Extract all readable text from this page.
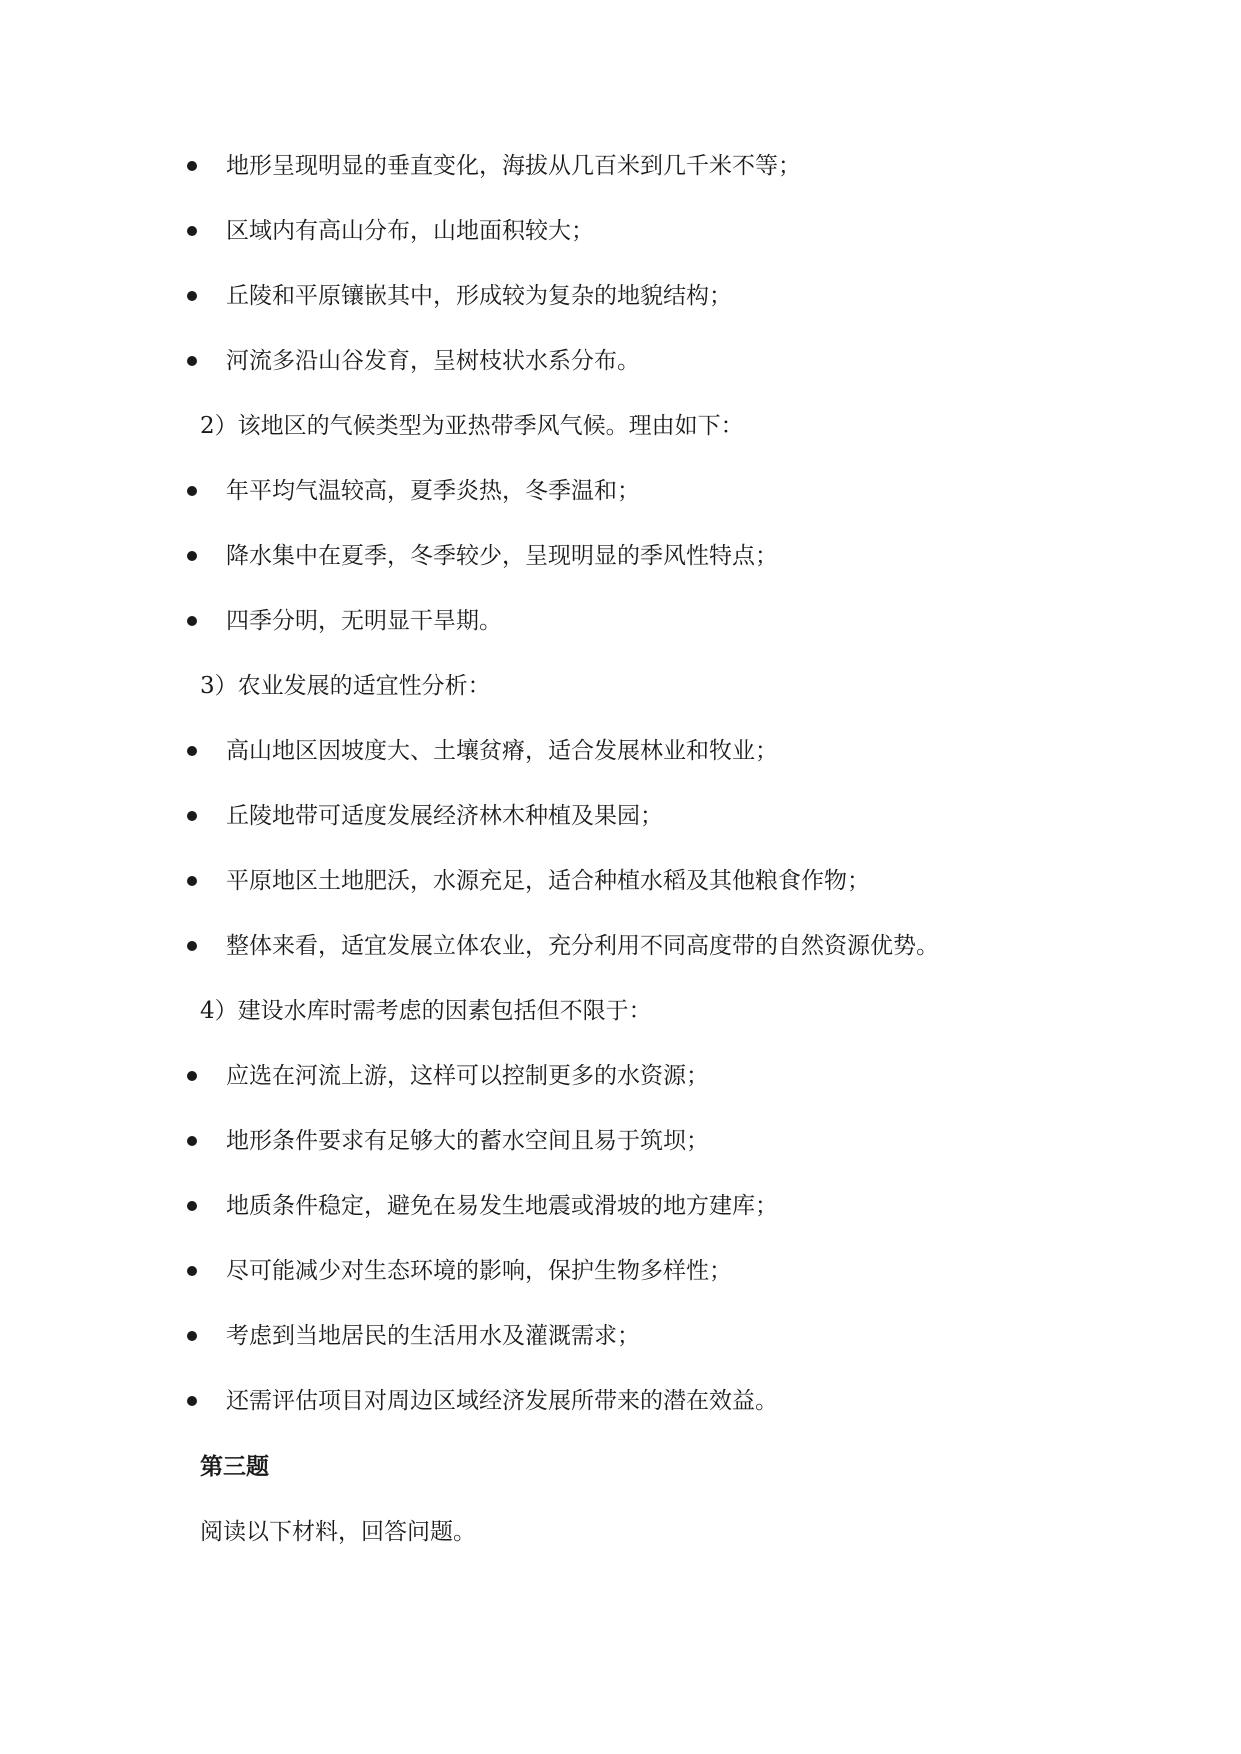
地形呈现明显的垂直变化，海拔从几百米到几千米不等；
区域内有高山分布，山地面积较大；
丘陵和平原镶嵌其中，形成较为复杂的地貌结构；
河流多沿山谷发育，呈树枝状水系分布。
2）该地区的气候类型为亚热带季风气候。理由如下：
年平均气温较高，夏季炎热，冬季温和；
降水集中在夏季，冬季较少，呈现明显的季风性特点；
四季分明，无明显干旱期。
3）农业发展的适宜性分析：
高山地区因坡度大、土壤贫瘠，适合发展林业和牧业；
丘陵地带可适度发展经济林木种植及果园；
平原地区土地肥沃，水源充足，适合种植水稻及其他粮食作物；
整体来看，适宜发展立体农业，充分利用不同高度带的自然资源优势。
4）建设水库时需考虑的因素包括但不限于：
应选在河流上游，这样可以控制更多的水资源；
地形条件要求有足够大的蓄水空间且易于筑坝；
地质条件稳定，避免在易发生地震或滑坡的地方建库；
尽可能减少对生态环境的影响，保护生物多样性；
考虑到当地居民的生活用水及灌溉需求；
还需评估项目对周边区域经济发展所带来的潜在效益。
第三题
阅读以下材料，回答问题。
